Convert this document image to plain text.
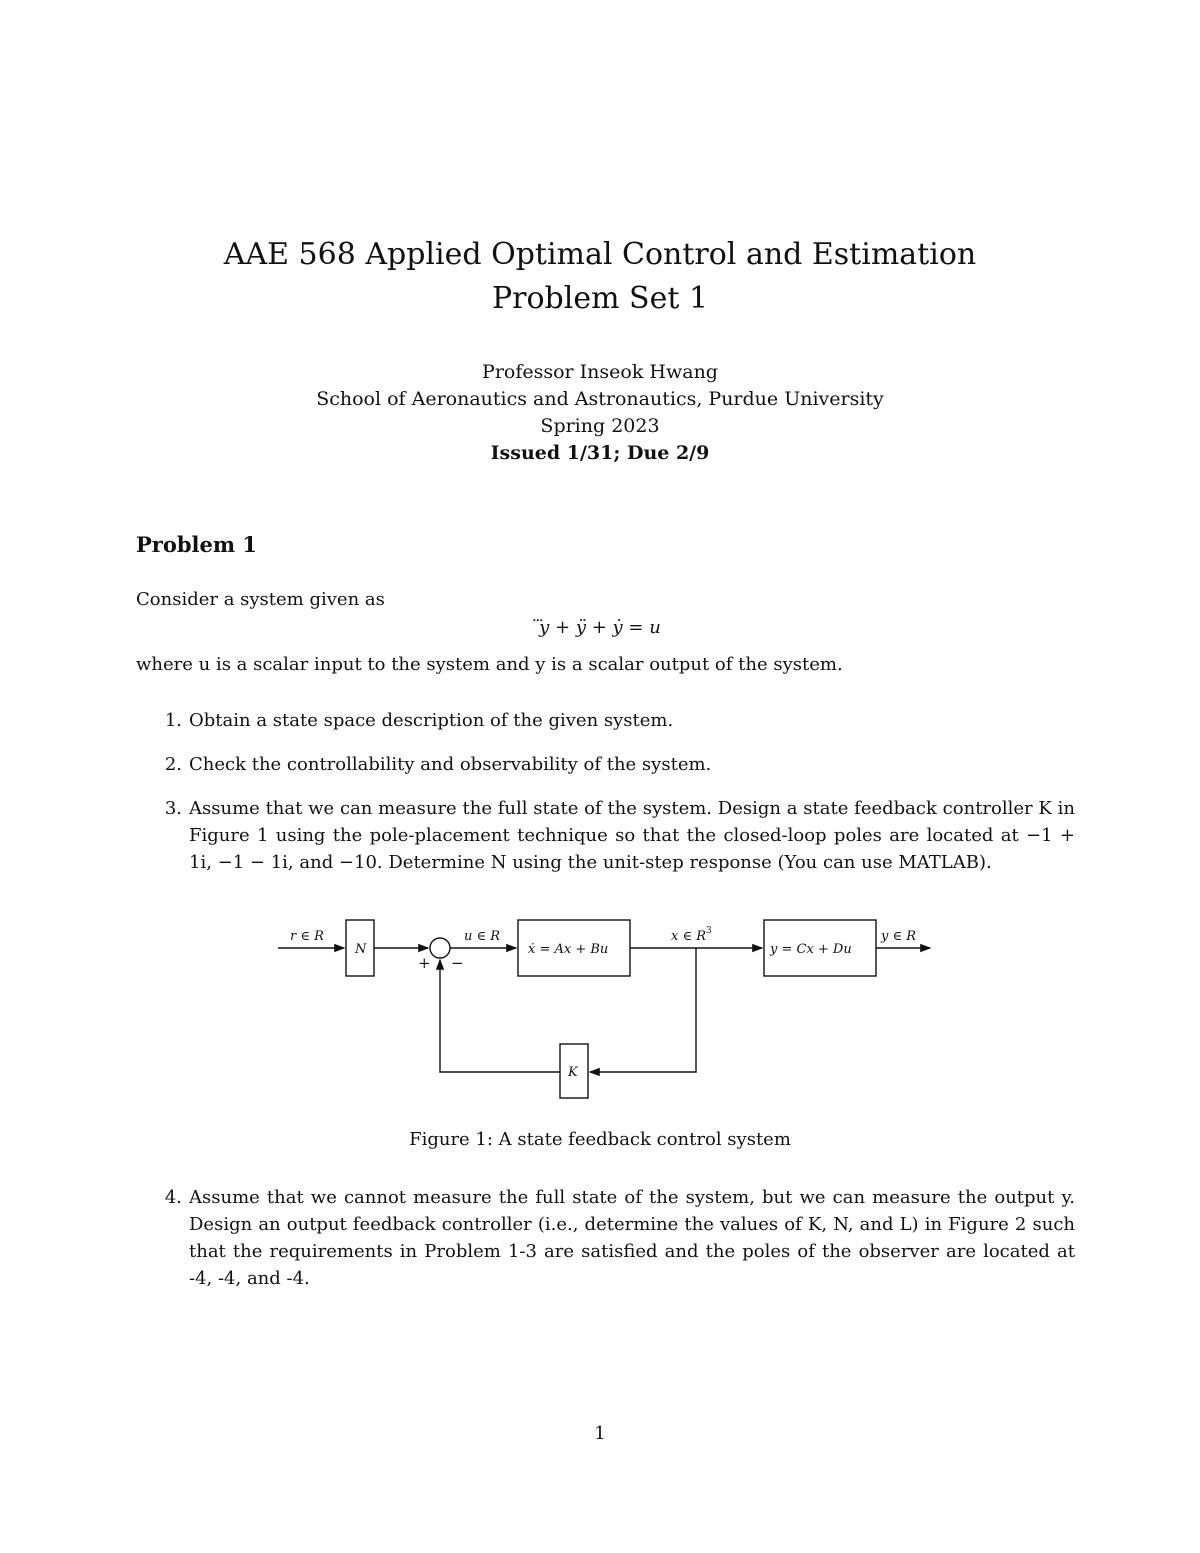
AAE 568 Applied Optimal Control and Estimation
Problem Set 1
Professor Inseok Hwang
School of Aeronautics and Astronautics, Purdue University
Spring 2023
Issued 1/31; Due 2/9
Problem 1
Consider a system given as
⃛y + ÿ + ẏ = u
where u is a scalar input to the system and y is a scalar output of the system.
1. Obtain a state space description of the given system.
2. Check the controllability and observability of the system.
3. Assume that we can measure the full state of the system. Design a state feedback controller K in Figure 1 using the pole-placement technique so that the closed-loop poles are located at −1 + 1i, −1 − 1i, and −10. Determine N using the unit-step response (You can use MATLAB).
r ∈ R
N
u ∈ R
ẋ = Ax + Bu
x ∈ R 3
y = Cx + Du
y ∈ R
K
+ −
Figure 1: A state feedback control system
4. Assume that we cannot measure the full state of the system, but we can measure the output y. Design an output feedback controller (i.e., determine the values of K, N, and L) in Figure 2 such that the requirements in Problem 1-3 are satisfied and the poles of the observer are located at -4, -4, and -4.
1
